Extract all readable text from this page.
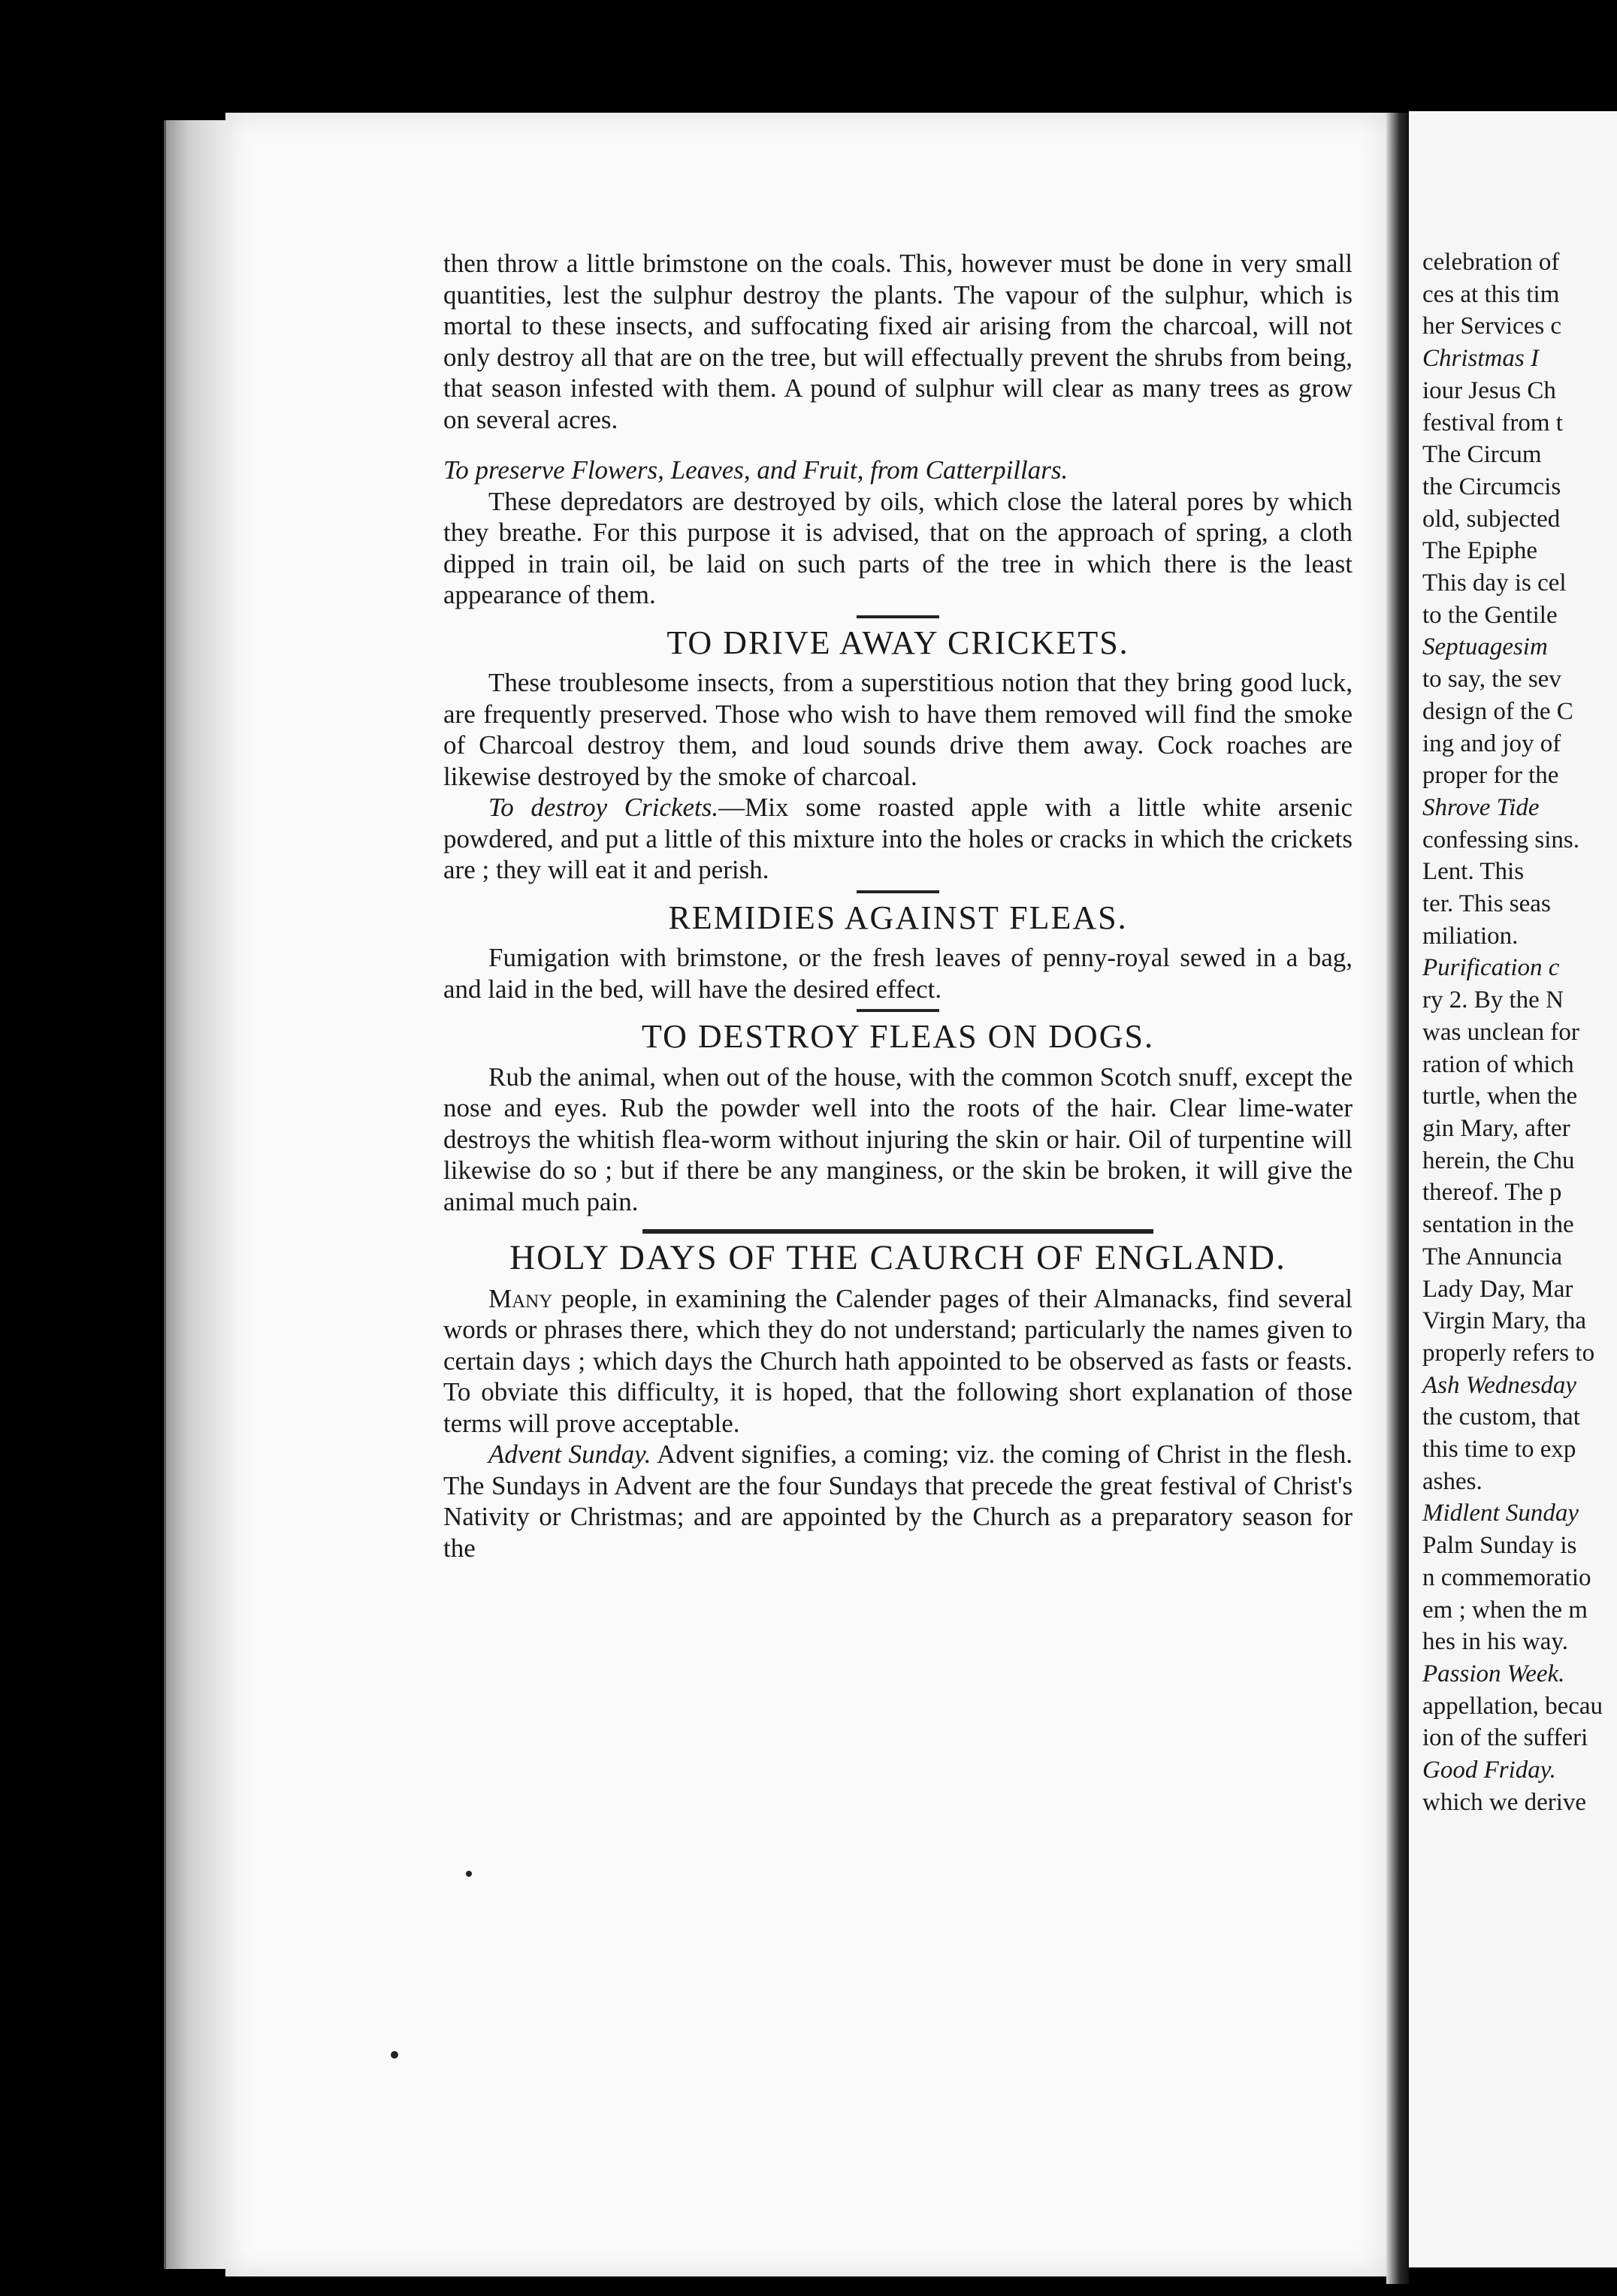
then throw a little brimstone on the coals. This, however must be done in very small quantities, lest the sulphur destroy the plants. The vapour of the sulphur, which is mortal to these insects, and suffocating fixed air arising from the charcoal, will not only destroy all that are on the tree, but will effectually prevent the shrubs from being, that season infested with them. A pound of sulphur will clear as many trees as grow on several acres.

To preserve Flowers, Leaves, and Fruit, from Catterpillars.

These depredators are destroyed by oils, which close the lateral pores by which they breathe. For this purpose it is advised, that on the approach of spring, a cloth dipped in train oil, be laid on such parts of the tree in which there is the least appearance of them.

TO DRIVE AWAY CRICKETS.

These troublesome insects, from a superstitious notion that they bring good luck, are frequently preserved. Those who wish to have them removed will find the smoke of Charcoal destroy them, and loud sounds drive them away. Cock roaches are likewise destroyed by the smoke of charcoal.

To destroy Crickets.—Mix some roasted apple with a little white arsenic powdered, and put a little of this mixture into the holes or cracks in which the crickets are ; they will eat it and perish.

REMIDIES AGAINST FLEAS.

Fumigation with brimstone, or the fresh leaves of penny-royal sewed in a bag, and laid in the bed, will have the desired effect.

TO DESTROY FLEAS ON DOGS.

Rub the animal, when out of the house, with the common Scotch snuff, except the nose and eyes. Rub the powder well into the roots of the hair. Clear lime-water destroys the whitish flea-worm without injuring the skin or hair. Oil of turpentine will likewise do so ; but if there be any manginess, or the skin be broken, it will give the animal much pain.

HOLY DAYS OF THE CAURCH OF ENGLAND.

Many people, in examining the Calender pages of their Almanacks, find several words or phrases there, which they do not understand; particularly the names given to certain days ; which days the Church hath appointed to be observed as fasts or feasts. To obviate this difficulty, it is hoped, that the following short explanation of those terms will prove acceptable.

Advent Sunday. Advent signifies, a coming; viz. the coming of Christ in the flesh. The Sundays in Advent are the four Sundays that precede the great festival of Christ's Nativity or Christmas; and are appointed by the Church as a preparatory season for the

celebration of
ces at this tim
her Services c
Christmas I
iour Jesus Ch
festival from t
The Circum
the Circumcis
old, subjected
The Epiphe
This day is cel
to the Gentile
Septuagesim
to say, the sev
design of the C
ing and joy of
proper for the
Shrove Tide
confessing sins.
Lent. This
ter. This seas
miliation.
Purification c
ry 2. By the N
was unclean for
ration of which
turtle, when the
gin Mary, after
herein, the Chu
thereof. The p
sentation in the
The Annuncia
Lady Day, Mar
Virgin Mary, tha
properly refers to
Ash Wednesday
the custom, that
this time to exp
ashes.
Midlent Sunday
Palm Sunday is
n commemoratio
em ; when the m
hes in his way.
Passion Week.
appellation, becau
ion of the sufferi
Good Friday.
which we derive
